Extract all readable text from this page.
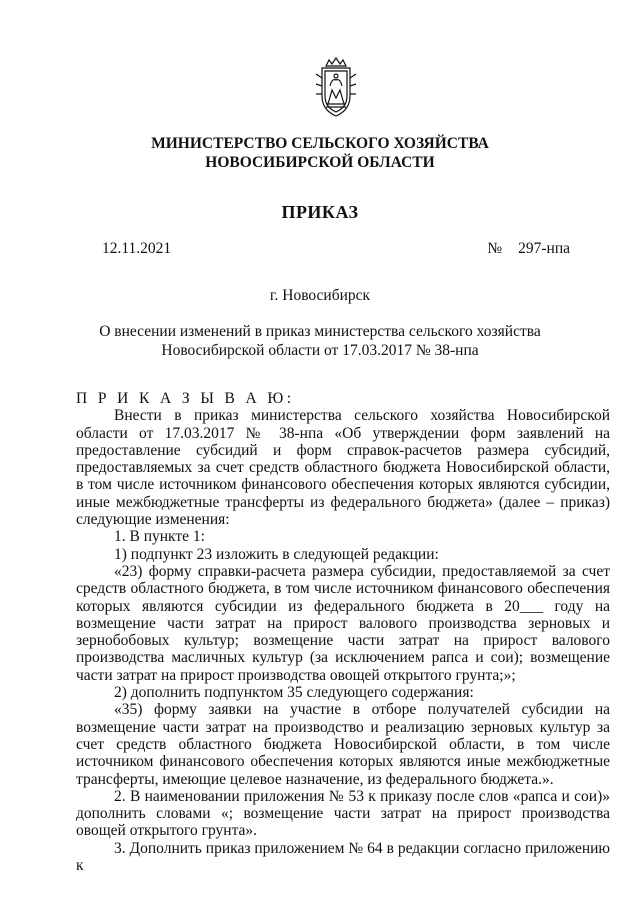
МИНИСТЕРСТВО СЕЛЬСКОГО ХОЗЯЙСТВА
НОВОСИБИРСКОЙ ОБЛАСТИ
ПРИКАЗ
12.11.2021	№ 297-нпа
г. Новосибирск
О внесении изменений в приказ министерства сельского хозяйства
Новосибирской области от 17.03.2017 № 38-нпа
П Р И К А З Ы В А Ю:

Внести в приказ министерства сельского хозяйства Новосибирской области от 17.03.2017 № 38-нпа «Об утверждении форм заявлений на предоставление субсидий и форм справок-расчетов размера субсидий, предоставляемых за счет средств областного бюджета Новосибирской области, в том числе источником финансового обеспечения которых являются субсидии, иные межбюджетные трансферты из федерального бюджета» (далее – приказ) следующие изменения:

1. В пункте 1:

1) подпункт 23 изложить в следующей редакции:

«23) форму справки-расчета размера субсидии, предоставляемой за счет средств областного бюджета, в том числе источником финансового обеспечения которых являются субсидии из федерального бюджета в 20___ году на возмещение части затрат на прирост валового производства зерновых и зернобобовых культур; возмещение части затрат на прирост валового производства масличных культур (за исключением рапса и сои); возмещение части затрат на прирост производства овощей открытого грунта;»;

2) дополнить подпунктом 35 следующего содержания:

«35) форму заявки на участие в отборе получателей субсидии на возмещение части затрат на производство и реализацию зерновых культур за счет средств областного бюджета Новосибирской области, в том числе источником финансового обеспечения которых являются иные межбюджетные трансферты, имеющие целевое назначение, из федерального бюджета.».

2. В наименовании приложения № 53 к приказу после слов «рапса и сои)» дополнить словами «; возмещение части затрат на прирост производства овощей открытого грунта».

3. Дополнить приказ приложением № 64 в редакции согласно приложению к
